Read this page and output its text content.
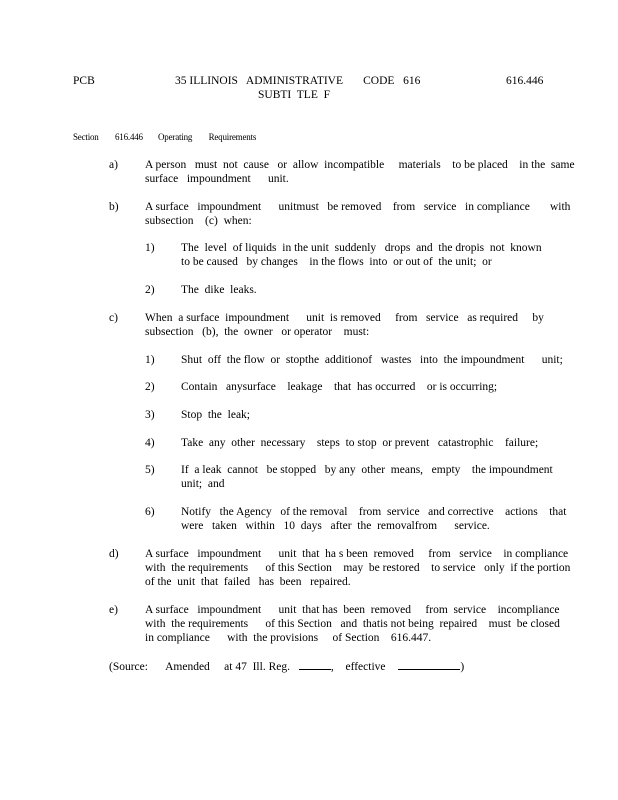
PCB	35 ILLINOIS   ADMINISTRATIVE       CODE   616
SUBTI  TLE  F
616.446
Section 616.446 Operating        Requirements
a) A person   must  not  cause   or  allow  incompatible     materials    to be placed    in the  same
surface   impoundment      unit.
b) A surface   impoundment      unitmust   be removed    from   service   in compliance       with
subsection    (c)  when:
1) The  level  of liquids  in the unit  suddenly   drops  and  the dropis  not  known
to be caused   by changes    in the flows  into  or out of  the unit;  or
2) The  dike  leaks.
c) When  a surface  impoundment      unit  is removed     from   service   as required     by
subsection   (b),  the  owner   or operator    must:
1) Shut  off  the flow  or  stopthe  additionof   wastes   into  the impoundment      unit;
2) Contain   anysurface    leakage    that  has occurred    or is occurring;
3) Stop  the  leak;
4) Take  any  other  necessary    steps  to stop  or prevent   catastrophic    failure;
5) If  a leak  cannot   be stopped   by any  other  means,   empty    the impoundment
unit;  and
6) Notify   the Agency   of the removal    from  service   and corrective    actions    that
were   taken   within   10  days   after  the  removalfrom      service.
d) A surface   impoundment      unit  that  ha s been  removed     from   service    in compliance
with  the requirements      of this Section    may  be restored    to service   only  if the portion
of the  unit  that  failed   has  been   repaired.
e) A surface   impoundment      unit  that has  been  removed     from  service    incompliance
with  the requirements      of this Section   and  thatis not being  repaired    must  be closed
in compliance      with  the provisions     of Section    616.447.
(Source: Amended     at 47  Ill. Reg.	, effective	)
